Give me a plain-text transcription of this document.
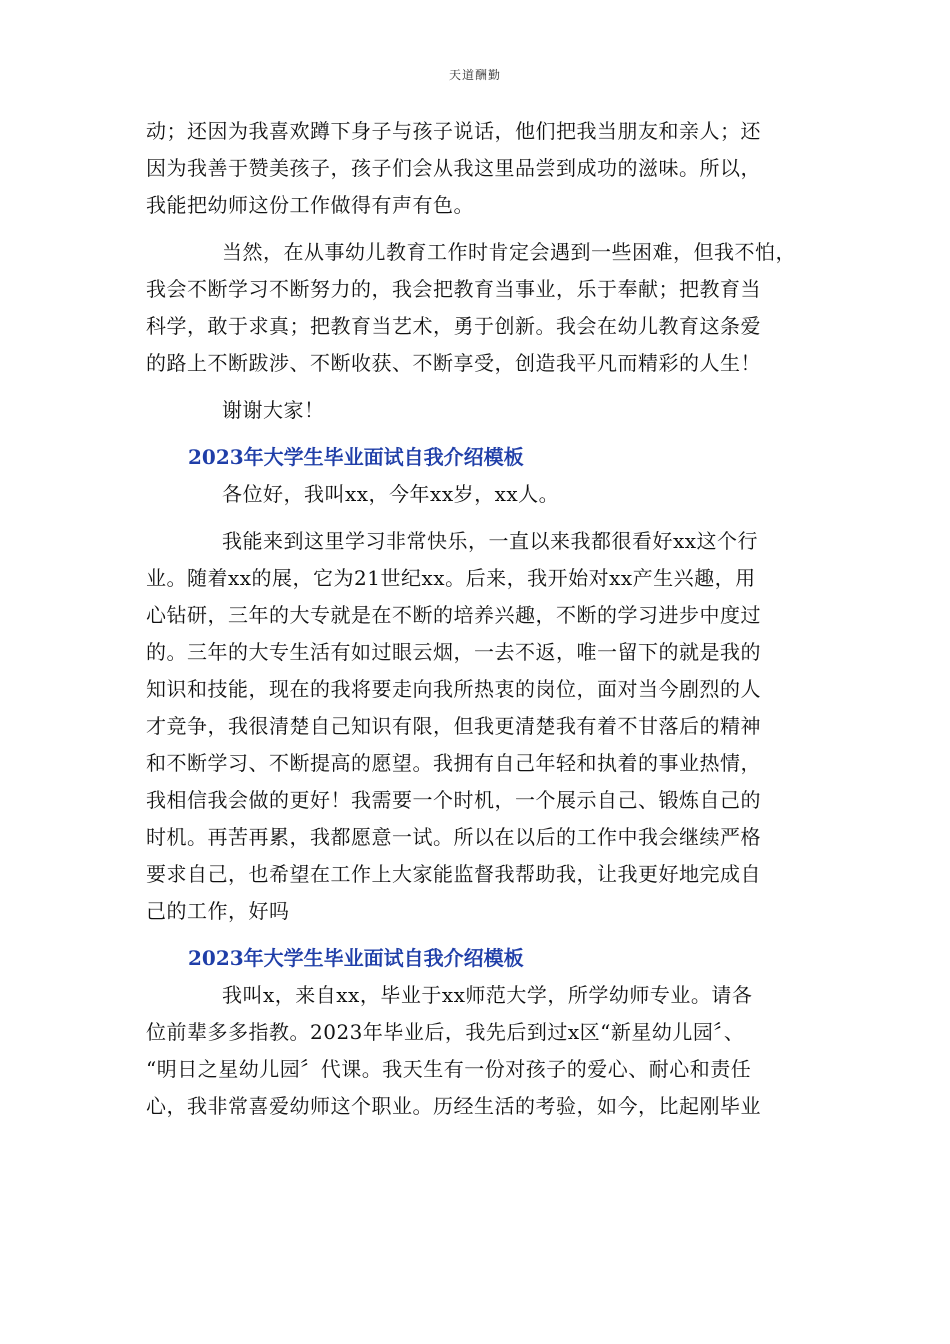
天道酬勤
动；还因为我喜欢蹲下身子与孩子说话，他们把我当朋友和亲人；还
因为我善于赞美孩子，孩子们会从我这里品尝到成功的滋味。所以，
我能把幼师这份工作做得有声有色。
当然，在从事幼儿教育工作时肯定会遇到一些困难，但我不怕，
我会不断学习不断努力的，我会把教育当事业，乐于奉献；把教育当
科学，敢于求真；把教育当艺术，勇于创新。我会在幼儿教育这条爱
的路上不断跋涉、不断收获、不断享受，创造我平凡而精彩的人生！
谢谢大家！
2023年大学生毕业面试自我介绍模板
各位好，我叫xx，今年xx岁，xx人。
我能来到这里学习非常快乐，一直以来我都很看好xx这个行
业。随着xx的展，它为21世纪xx。后来，我开始对xx产生兴趣，用
心钻研，三年的大专就是在不断的培养兴趣，不断的学习进步中度过
的。三年的大专生活有如过眼云烟，一去不返，唯一留下的就是我的
知识和技能，现在的我将要走向我所热衷的岗位，面对当今剧烈的人
才竞争，我很清楚自己知识有限，但我更清楚我有着不甘落后的精神
和不断学习、不断提高的愿望。我拥有自己年轻和执着的事业热情，
我相信我会做的更好！我需要一个时机，一个展示自己、锻炼自己的
时机。再苦再累，我都愿意一试。所以在以后的工作中我会继续严格
要求自己，也希望在工作上大家能监督我帮助我，让我更好地完成自
己的工作，好吗
2023年大学生毕业面试自我介绍模板
我叫x，来自xx，毕业于xx师范大学，所学幼师专业。请各
位前辈多多指教。2023年毕业后，我先后到过x区“新星幼儿园〞、
“明日之星幼儿园〞代课。我天生有一份对孩子的爱心、耐心和责任
心，我非常喜爱幼师这个职业。历经生活的考验，如今，比起刚毕业
